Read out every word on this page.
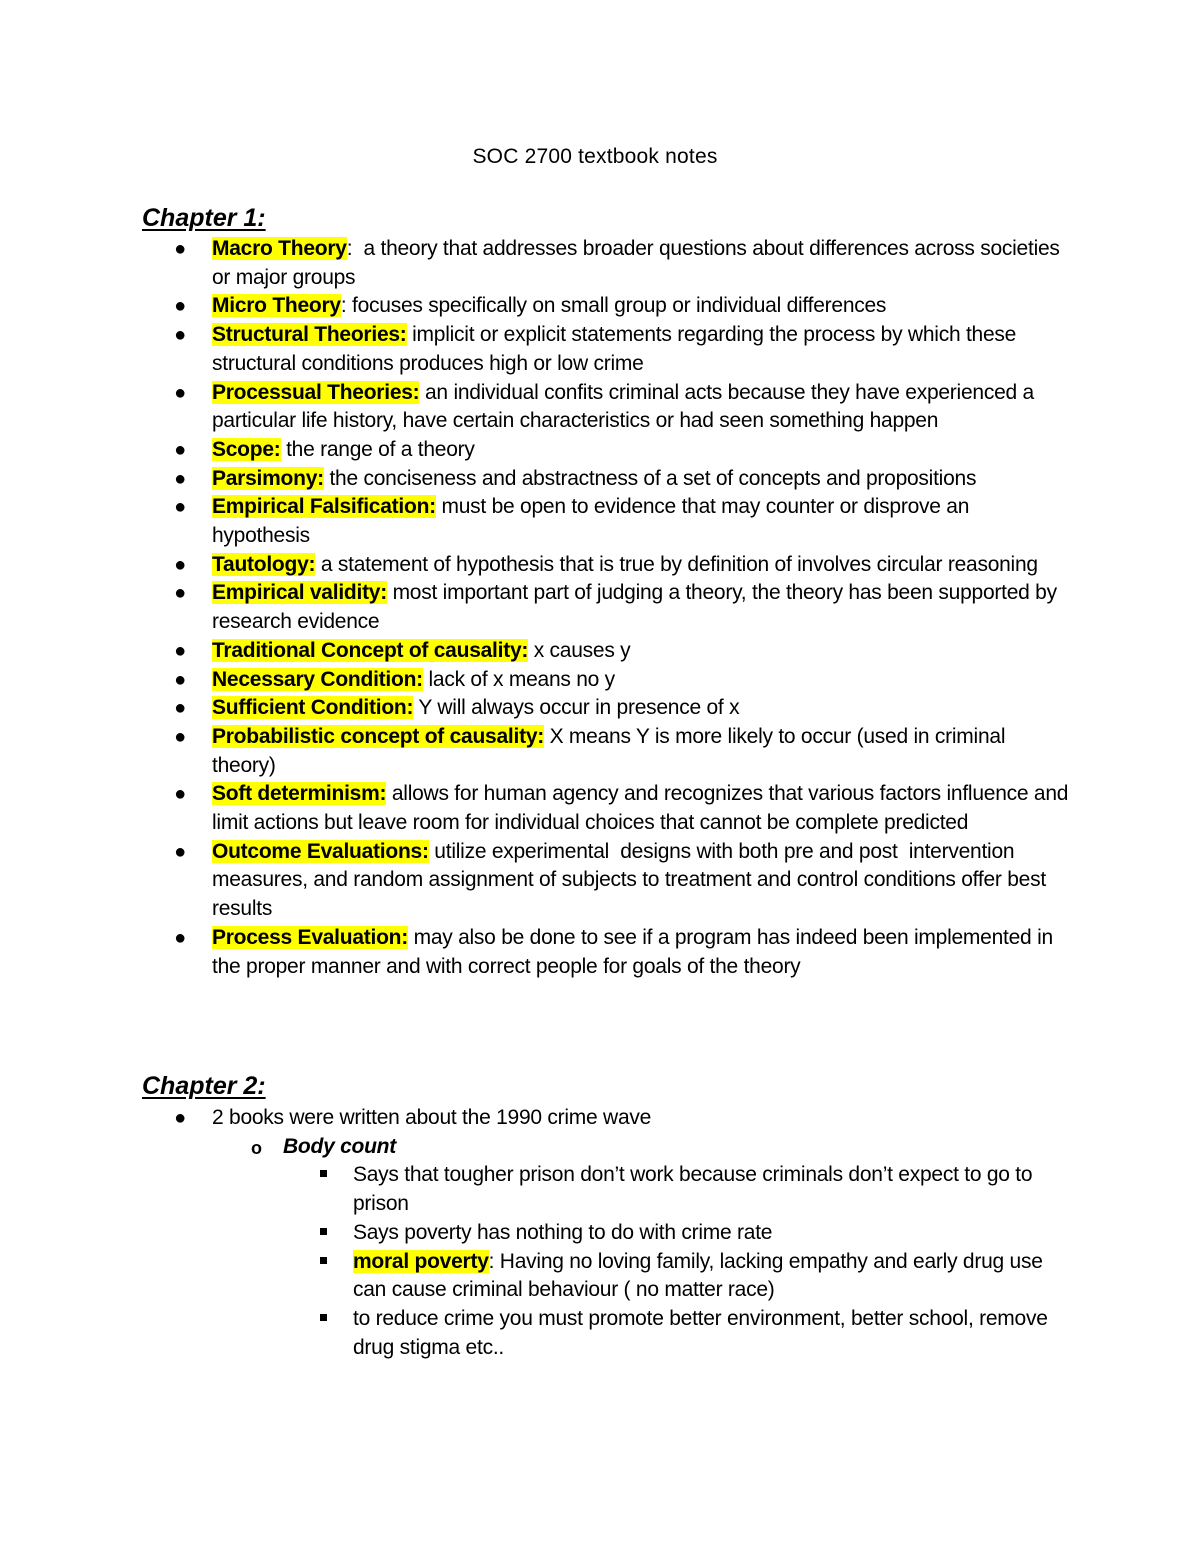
SOC 2700 textbook notes
Chapter 1:
● Macro Theory:  a theory that addresses broader questions about differences across societies or major groups
● Micro Theory: focuses specifically on small group or individual differences
● Structural Theories: implicit or explicit statements regarding the process by which these structural conditions produces high or low crime
● Processual Theories: an individual confits criminal acts because they have experienced a particular life history, have certain characteristics or had seen something happen
● Scope: the range of a theory
● Parsimony: the conciseness and abstractness of a set of concepts and propositions
● Empirical Falsification: must be open to evidence that may counter or disprove an hypothesis
● Tautology: a statement of hypothesis that is true by definition of involves circular reasoning
● Empirical validity: most important part of judging a theory, the theory has been supported by research evidence
● Traditional Concept of causality: x causes y
● Necessary Condition: lack of x means no y
● Sufficient Condition: Y will always occur in presence of x
● Probabilistic concept of causality: X means Y is more likely to occur (used in criminal theory)
● Soft determinism: allows for human agency and recognizes that various factors influence and limit actions but leave room for individual choices that cannot be complete predicted
● Outcome Evaluations: utilize experimental  designs with both pre and post  intervention measures, and random assignment of subjects to treatment and control conditions offer best results
● Process Evaluation: may also be done to see if a program has indeed been implemented in the proper manner and with correct people for goals of the theory
Chapter 2:
● 2 books were written about the 1990 crime wave
o Body count
Says that tougher prison don’t work because criminals don’t expect to go to prison
Says poverty has nothing to do with crime rate
moral poverty: Having no loving family, lacking empathy and early drug use can cause criminal behaviour ( no matter race)
to reduce crime you must promote better environment, better school, remove drug stigma etc..
